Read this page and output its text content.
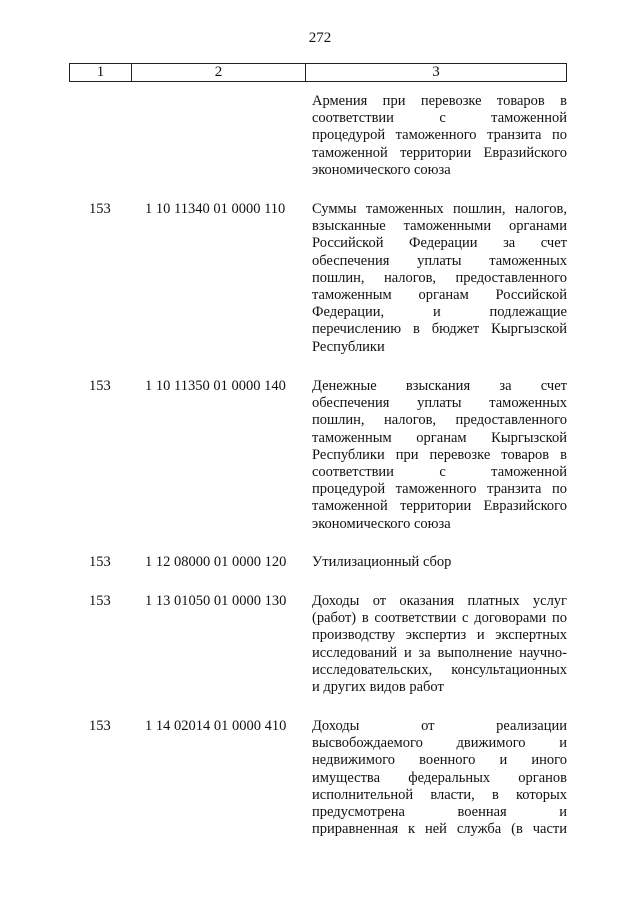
272
1	2	3
Армения при перевозке товаров в
соответствии с таможенной
процедурой таможенного транзита по
таможенной территории Евразийского
экономического союза
153 1 10 11340 01 0000 110 Суммы таможенных пошлин, налогов,
взысканные таможенными органами
Российской Федерации за счет
обеспечения уплаты таможенных
пошлин, налогов, предоставленного
таможенным органам Российской
Федерации, и подлежащие
перечислению в бюджет Кыргызской
Республики
153 1 10 11350 01 0000 140 Денежные взыскания за счет
обеспечения уплаты таможенных
пошлин, налогов, предоставленного
таможенным органам Кыргызской
Республики при перевозке товаров в
соответствии с таможенной
процедурой таможенного транзита по
таможенной территории Евразийского
экономического союза
153 1 12 08000 01 0000 120 Утилизационный сбор
153 1 13 01050 01 0000 130 Доходы от оказания платных услуг
(работ) в соответствии с договорами по
производству экспертиз и экспертных
исследований и за выполнение научно-
исследовательских, консультационных
и других видов работ
153 1 14 02014 01 0000 410 Доходы от реализации
высвобождаемого движимого и
недвижимого военного и иного
имущества федеральных органов
исполнительной власти, в которых
предусмотрена военная и
приравненная к ней служба (в части
